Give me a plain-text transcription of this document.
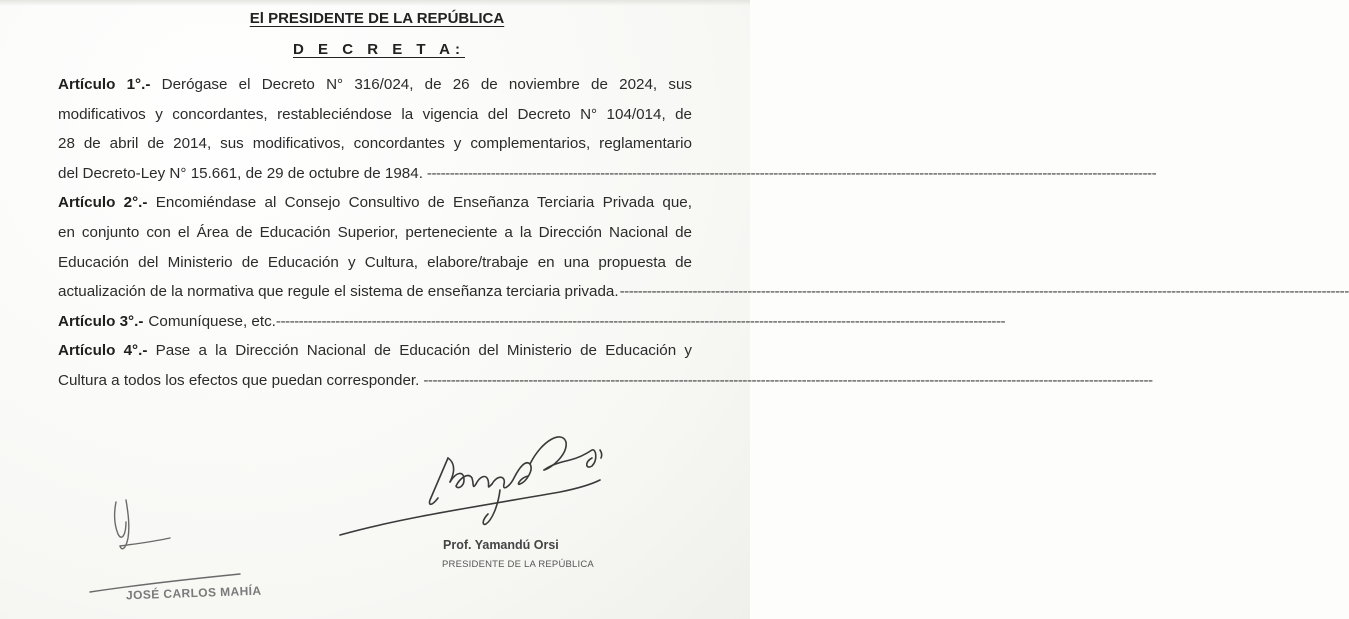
El PRESIDENTE DE LA REPÚBLICA
D E C R E T A:

Artículo 1°.- Derógase el Decreto N° 316/024, de 26 de noviembre de 2024, sus

modificativos y concordantes, restableciéndose la vigencia del Decreto N° 104/014, de

28 de abril de 2014, sus modificativos, concordantes y complementarios, reglamentario

del Decreto-Ley N° 15.661, de 29 de octubre de 1984. ----------------------------------------------------------------------------------------------------------------------------------------------------------------

Artículo 2°.- Encomiéndase al Consejo Consultivo de Enseñanza Terciaria Privada que,

en conjunto con el Área de Educación Superior, perteneciente a la Dirección Nacional de

Educación del Ministerio de Educación y Cultura, elabore/trabaje en una propuesta de

actualización de la normativa que regule el sistema de enseñanza terciaria privada. ----------------------------------------------------------------------------------------------------------------------------------------------------------------
Artículo 3°.- Comuníquese, etc. ----------------------------------------------------------------------------------------------------------------------------------------------------------------

Artículo 4°.- Pase a la Dirección Nacional de Educación del Ministerio de Educación y

Cultura a todos los efectos que puedan corresponder. ----------------------------------------------------------------------------------------------------------------------------------------------------------------
Prof. Yamandú Orsi
PRESIDENTE DE LA REPÚBLICA
JOSÉ CARLOS MAHÍA
